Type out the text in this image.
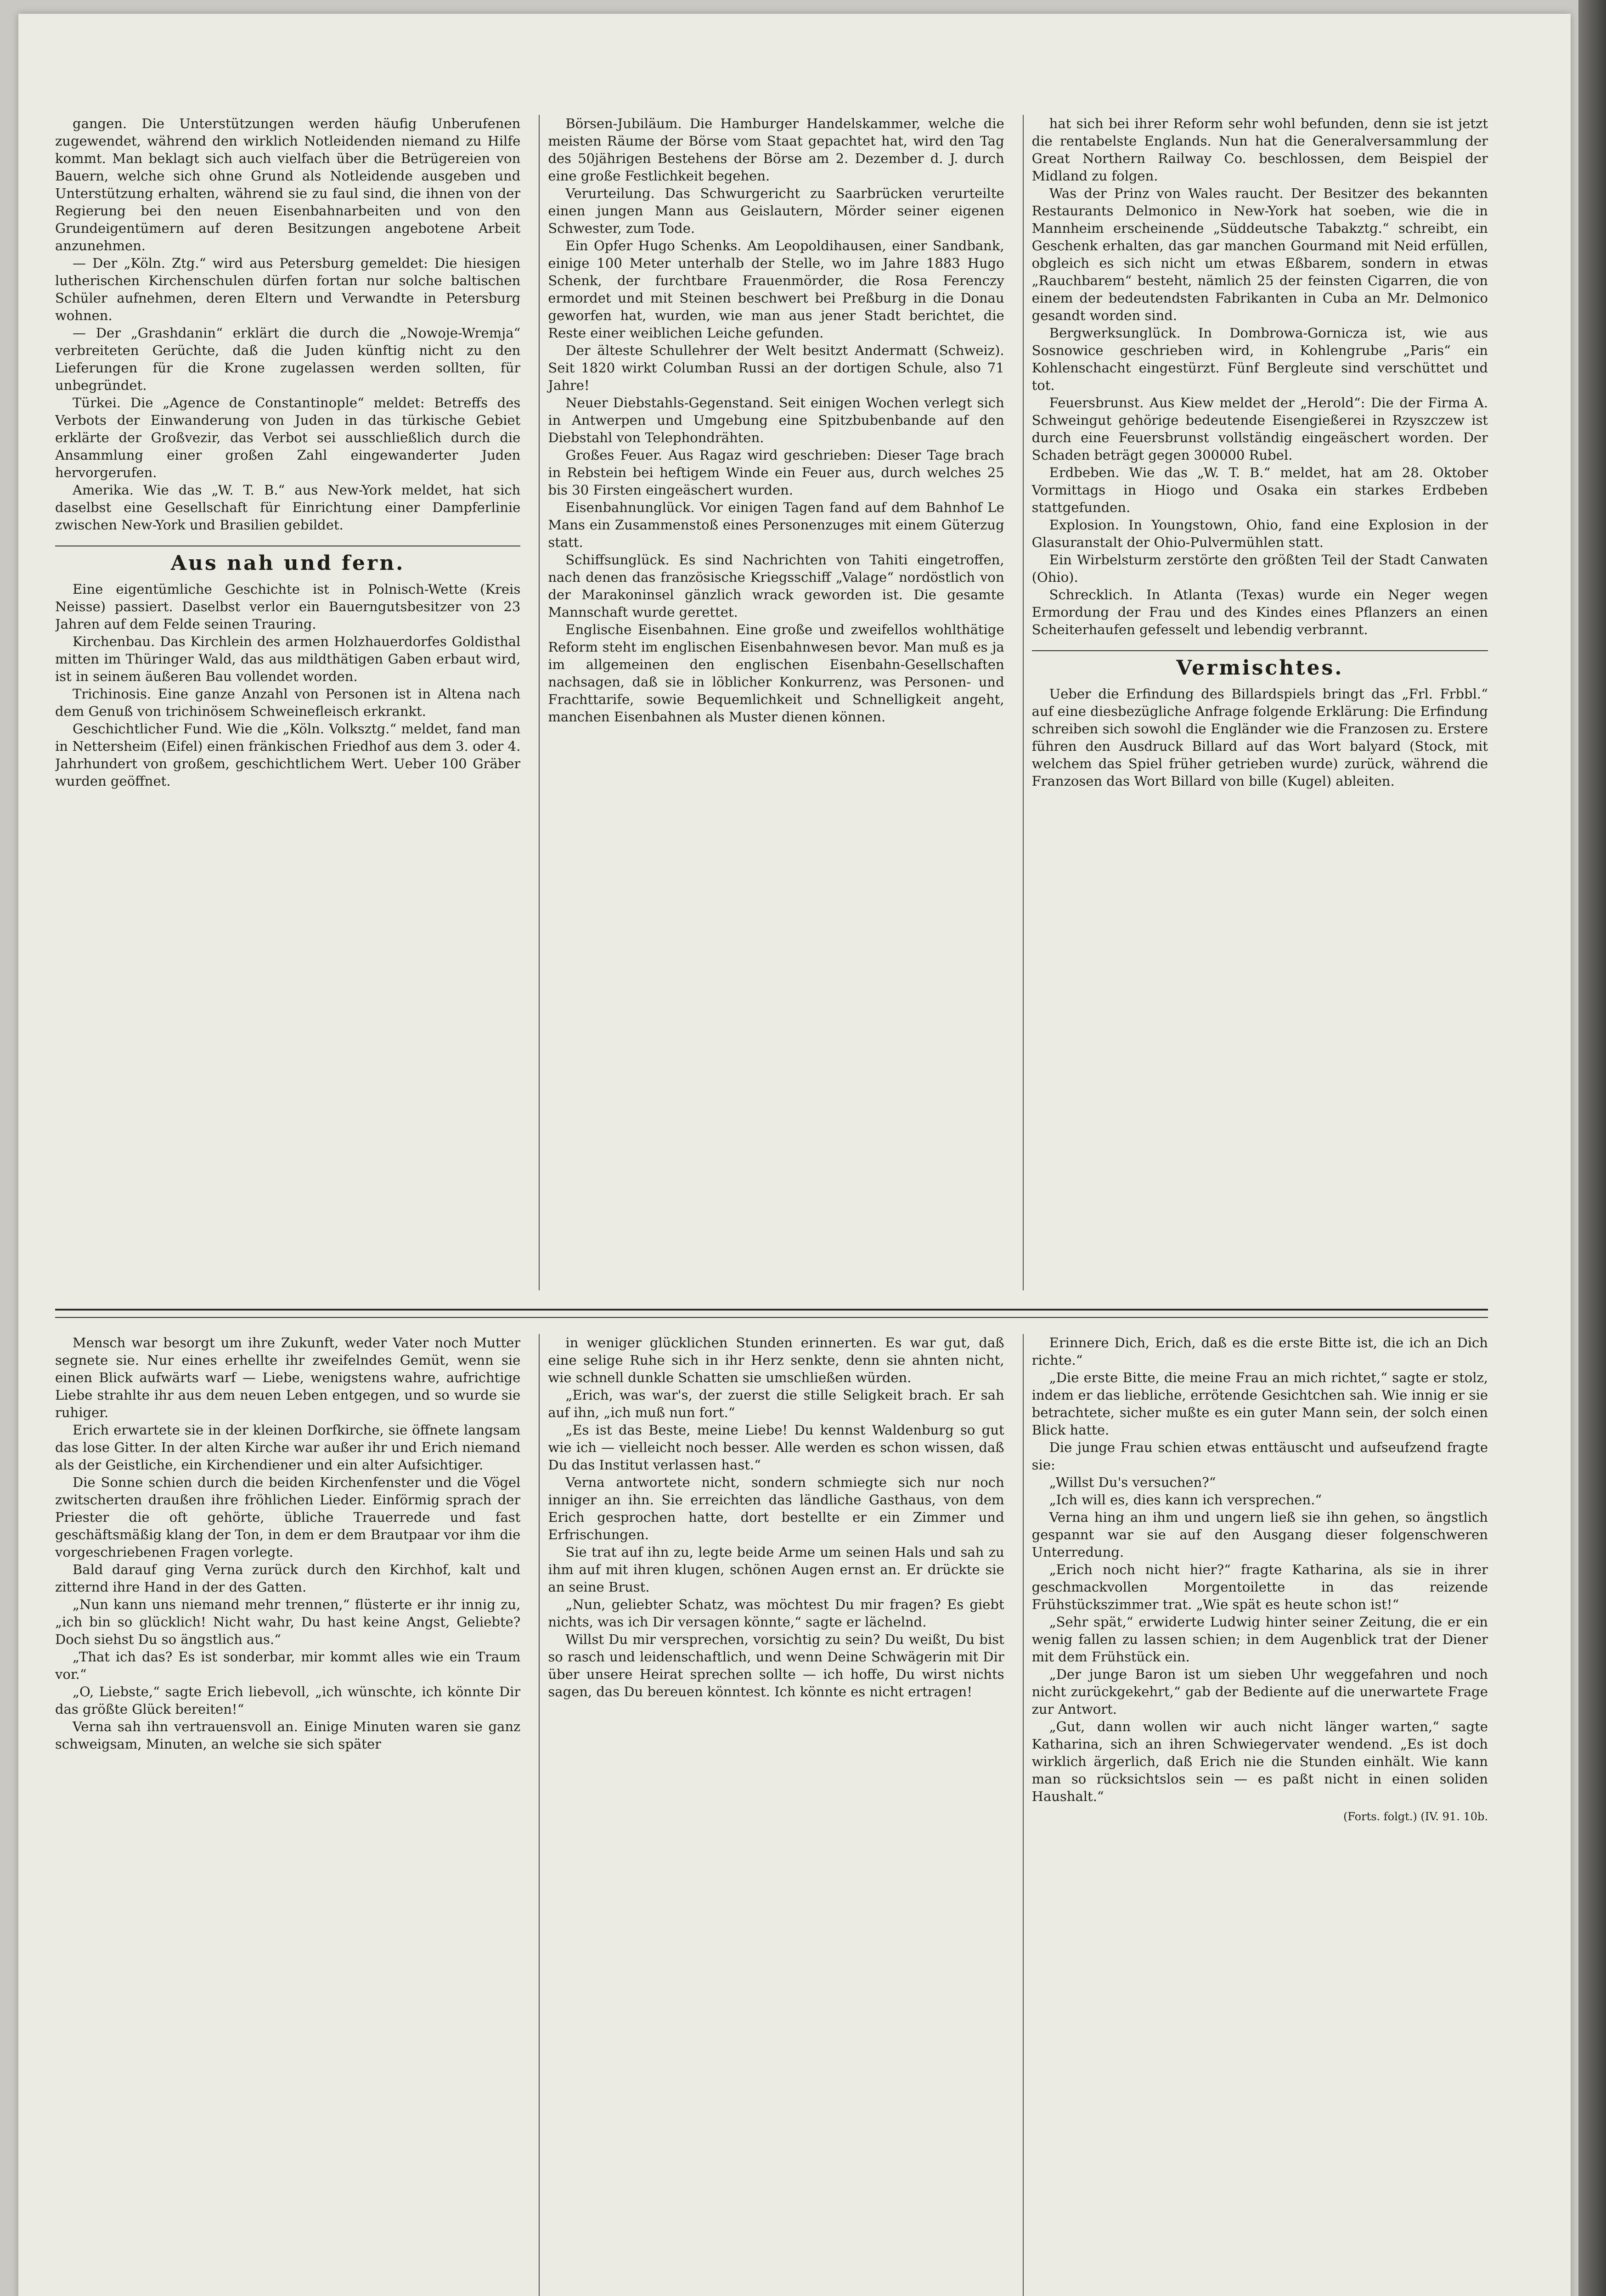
gangen. Die Unterstützungen werden häufig Unberufenen zugewendet, während den wirklich Notleidenden niemand zu Hilfe kommt. Man beklagt sich auch vielfach über die Betrügereien von Bauern, welche sich ohne Grund als Notleidende ausgeben und Unterstützung erhalten, während sie zu faul sind, die ihnen von der Regierung bei den neuen Eisenbahnarbeiten und von den Grundeigentümern auf deren Besitzungen angebotene Arbeit anzunehmen.

— Der „Köln. Ztg.“ wird aus Petersburg gemeldet: Die hiesigen lutherischen Kirchenschulen dürfen fortan nur solche baltischen Schüler aufnehmen, deren Eltern und Verwandte in Petersburg wohnen.

— Der „Grashdanin“ erklärt die durch die „Nowoje-Wremja“ verbreiteten Gerüchte, daß die Juden künftig nicht zu den Lieferungen für die Krone zugelassen werden sollten, für unbegründet.

Türkei. Die „Agence de Constantinople“ meldet: Betreffs des Verbots der Einwanderung von Juden in das türkische Gebiet erklärte der Großvezir, das Verbot sei ausschließlich durch die Ansammlung einer großen Zahl eingewanderter Juden hervorgerufen.

Amerika. Wie das „W. T. B.“ aus New-York meldet, hat sich daselbst eine Gesellschaft für Einrichtung einer Dampferlinie zwischen New-York und Brasilien gebildet.

Aus nah und fern.

Eine eigentümliche Geschichte ist in Polnisch-Wette (Kreis Neisse) passiert. Daselbst verlor ein Bauerngutsbesitzer von 23 Jahren auf dem Felde seinen Trauring.

Kirchenbau. Das Kirchlein des armen Holzhauerdorfes Goldisthal mitten im Thüringer Wald, das aus mildthätigen Gaben erbaut wird, ist in seinem äußeren Bau vollendet worden.

Trichinosis. Eine ganze Anzahl von Personen ist in Altena nach dem Genuß von trichinösem Schweinefleisch erkrankt.

Geschichtlicher Fund. Wie die „Köln. Volksztg.“ meldet, fand man in Nettersheim (Eifel) einen fränkischen Friedhof aus dem 3. oder 4. Jahrhundert von großem, geschichtlichem Wert. Ueber 100 Gräber wurden geöffnet.

Börsen-Jubiläum. Die Hamburger Handelskammer, welche die meisten Räume der Börse vom Staat gepachtet hat, wird den Tag des 50jährigen Bestehens der Börse am 2. Dezember d. J. durch eine große Festlichkeit begehen.

Verurteilung. Das Schwurgericht zu Saarbrücken verurteilte einen jungen Mann aus Geislautern, Mörder seiner eigenen Schwester, zum Tode.

Ein Opfer Hugo Schenks. Am Leopoldihausen, einer Sandbank, einige 100 Meter unterhalb der Stelle, wo im Jahre 1883 Hugo Schenk, der furchtbare Frauenmörder, die Rosa Ferenczy ermordet und mit Steinen beschwert bei Preßburg in die Donau geworfen hat, wurden, wie man aus jener Stadt berichtet, die Reste einer weiblichen Leiche gefunden.

Der älteste Schullehrer der Welt besitzt Andermatt (Schweiz). Seit 1820 wirkt Columban Russi an der dortigen Schule, also 71 Jahre!

Neuer Diebstahls-Gegenstand. Seit einigen Wochen verlegt sich in Antwerpen und Umgebung eine Spitzbubenbande auf den Diebstahl von Telephondrähten.

Großes Feuer. Aus Ragaz wird geschrieben: Dieser Tage brach in Rebstein bei heftigem Winde ein Feuer aus, durch welches 25 bis 30 Firsten eingeäschert wurden.

Eisenbahnunglück. Vor einigen Tagen fand auf dem Bahnhof Le Mans ein Zusammenstoß eines Personenzuges mit einem Güterzug statt.

Schiffsunglück. Es sind Nachrichten von Tahiti eingetroffen, nach denen das französische Kriegsschiff „Valage“ nordöstlich von der Marakoninsel gänzlich wrack geworden ist. Die gesamte Mannschaft wurde gerettet.

Englische Eisenbahnen. Eine große und zweifellos wohlthätige Reform steht im englischen Eisenbahnwesen bevor. Man muß es ja im allgemeinen den englischen Eisenbahn-Gesellschaften nachsagen, daß sie in löblicher Konkurrenz, was Personen- und Frachttarife, sowie Bequemlichkeit und Schnelligkeit angeht, manchen Eisenbahnen als Muster dienen können.

hat sich bei ihrer Reform sehr wohl befunden, denn sie ist jetzt die rentabelste Englands. Nun hat die Generalversammlung der Great Northern Railway Co. beschlossen, dem Beispiel der Midland zu folgen.

Was der Prinz von Wales raucht. Der Besitzer des bekannten Restaurants Delmonico in New-York hat soeben, wie die in Mannheim erscheinende „Süddeutsche Tabakztg.“ schreibt, ein Geschenk erhalten, das gar manchen Gourmand mit Neid erfüllen, obgleich es sich nicht um etwas Eßbarem, sondern in etwas „Rauchbarem“ besteht, nämlich 25 der feinsten Cigarren, die von einem der bedeutendsten Fabrikanten in Cuba an Mr. Delmonico gesandt worden sind.

Bergwerksunglück. In Dombrowa-Gornicza ist, wie aus Sosnowice geschrieben wird, in Kohlengrube „Paris“ ein Kohlenschacht eingestürzt. Fünf Bergleute sind verschüttet und tot.

Feuersbrunst. Aus Kiew meldet der „Herold“: Die der Firma A. Schweingut gehörige bedeutende Eisengießerei in Rzyszczew ist durch eine Feuersbrunst vollständig eingeäschert worden. Der Schaden beträgt gegen 300000 Rubel.

Erdbeben. Wie das „W. T. B.“ meldet, hat am 28. Oktober Vormittags in Hiogo und Osaka ein starkes Erdbeben stattgefunden.

Explosion. In Youngstown, Ohio, fand eine Explosion in der Glasuranstalt der Ohio-Pulvermühlen statt.

Ein Wirbelsturm zerstörte den größten Teil der Stadt Canwaten (Ohio).

Schrecklich. In Atlanta (Texas) wurde ein Neger wegen Ermordung der Frau und des Kindes eines Pflanzers an einen Scheiterhaufen gefesselt und lebendig verbrannt.

Vermischtes.

Ueber die Erfindung des Billardspiels bringt das „Frl. Frbbl.“ auf eine diesbezügliche Anfrage folgende Erklärung: Die Erfindung schreiben sich sowohl die Engländer wie die Franzosen zu. Erstere führen den Ausdruck Billard auf das Wort balyard (Stock, mit welchem das Spiel früher getrieben wurde) zurück, während die Franzosen das Wort Billard von bille (Kugel) ableiten.

Mensch war besorgt um ihre Zukunft, weder Vater noch Mutter segnete sie. Nur eines erhellte ihr zweifelndes Gemüt, wenn sie einen Blick aufwärts warf — Liebe, wenigstens wahre, aufrichtige Liebe strahlte ihr aus dem neuen Leben entgegen, und so wurde sie ruhiger.

Erich erwartete sie in der kleinen Dorfkirche, sie öffnete langsam das lose Gitter. In der alten Kirche war außer ihr und Erich niemand als der Geistliche, ein Kirchendiener und ein alter Aufsichtiger.

Die Sonne schien durch die beiden Kirchenfenster und die Vögel zwitscherten draußen ihre fröhlichen Lieder. Einförmig sprach der Priester die oft gehörte, übliche Trauerrede und fast geschäftsmäßig klang der Ton, in dem er dem Brautpaar vor ihm die vorgeschriebenen Fragen vorlegte.

Bald darauf ging Verna zurück durch den Kirchhof, kalt und zitternd ihre Hand in der des Gatten.

„Nun kann uns niemand mehr trennen,“ flüsterte er ihr innig zu, „ich bin so glücklich! Nicht wahr, Du hast keine Angst, Geliebte? Doch siehst Du so ängstlich aus.“

„That ich das? Es ist sonderbar, mir kommt alles wie ein Traum vor.“

„O, Liebste,“ sagte Erich liebevoll, „ich wünschte, ich könnte Dir das größte Glück bereiten!“

Verna sah ihn vertrauensvoll an. Einige Minuten waren sie ganz schweigsam, Minuten, an welche sie sich später

in weniger glücklichen Stunden erinnerten. Es war gut, daß eine selige Ruhe sich in ihr Herz senkte, denn sie ahnten nicht, wie schnell dunkle Schatten sie umschließen würden.

„Erich, was war's, der zuerst die stille Seligkeit brach. Er sah auf ihn, „ich muß nun fort.“

„Es ist das Beste, meine Liebe! Du kennst Waldenburg so gut wie ich — vielleicht noch besser. Alle werden es schon wissen, daß Du das Institut verlassen hast.“

Verna antwortete nicht, sondern schmiegte sich nur noch inniger an ihn. Sie erreichten das ländliche Gasthaus, von dem Erich gesprochen hatte, dort bestellte er ein Zimmer und Erfrischungen.

Sie trat auf ihn zu, legte beide Arme um seinen Hals und sah zu ihm auf mit ihren klugen, schönen Augen ernst an. Er drückte sie an seine Brust.

„Nun, geliebter Schatz, was möchtest Du mir fragen? Es giebt nichts, was ich Dir versagen könnte,“ sagte er lächelnd.

Willst Du mir versprechen, vorsichtig zu sein? Du weißt, Du bist so rasch und leidenschaftlich, und wenn Deine Schwägerin mit Dir über unsere Heirat sprechen sollte — ich hoffe, Du wirst nichts sagen, das Du bereuen könntest. Ich könnte es nicht ertragen!

Erinnere Dich, Erich, daß es die erste Bitte ist, die ich an Dich richte.“

„Die erste Bitte, die meine Frau an mich richtet,“ sagte er stolz, indem er das liebliche, errötende Gesichtchen sah. Wie innig er sie betrachtete, sicher mußte es ein guter Mann sein, der solch einen Blick hatte.

Die junge Frau schien etwas enttäuscht und aufseufzend fragte sie:

„Willst Du's versuchen?“

„Ich will es, dies kann ich versprechen.“

Verna hing an ihm und ungern ließ sie ihn gehen, so ängstlich gespannt war sie auf den Ausgang dieser folgenschweren Unterredung.

„Erich noch nicht hier?“ fragte Katharina, als sie in ihrer geschmackvollen Morgentoilette in das reizende Frühstückszimmer trat. „Wie spät es heute schon ist!“

„Sehr spät,“ erwiderte Ludwig hinter seiner Zeitung, die er ein wenig fallen zu lassen schien; in dem Augenblick trat der Diener mit dem Frühstück ein.

„Der junge Baron ist um sieben Uhr weggefahren und noch nicht zurückgekehrt,“ gab der Bediente auf die unerwartete Frage zur Antwort.

„Gut, dann wollen wir auch nicht länger warten,“ sagte Katharina, sich an ihren Schwiegervater wendend. „Es ist doch wirklich ärgerlich, daß Erich nie die Stunden einhält. Wie kann man so rücksichtslos sein — es paßt nicht in einen soliden Haushalt.“

(Forts. folgt.) (IV. 91. 10b.
